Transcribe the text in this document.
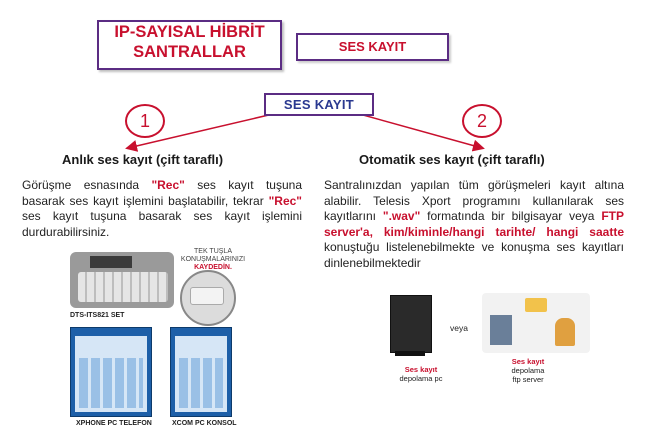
IP-SAYISAL HİBRİT
SANTRALLAR	SES KAYIT
SES KAYIT
1	2
Anlık ses kayıt (çift taraflı)	Otomatik ses kayıt (çift taraflı)
Görüşme esnasında "Rec" ses kayıt tuşuna basarak ses kayıt işlemini başlatabilir, tekrar "Rec" ses kayıt tuşuna basarak ses kayıt işlemini durdurabilirsiniz.
Santralınızdan yapılan tüm görüşmeleri kayıt altına alabilir. Telesis Xport programını kullanılarak ses kayıtlarını ".wav" formatında bir bilgisayar veya FTP server'a, kim/kiminle/hangi tarihte/ hangi saatte konuştuğu listelenebilmekte ve konuşma ses kayıtları dinlenebilmektedir
TEK TUŞLA KONUŞMALARINIZI
KAYDEDİN.
DTS-ITS821 SET
XPHONE PC TELEFON	XCOM PC KONSOL
veya
Ses kayıt
depolama pc
Ses kayıt
depolama
ftp server
